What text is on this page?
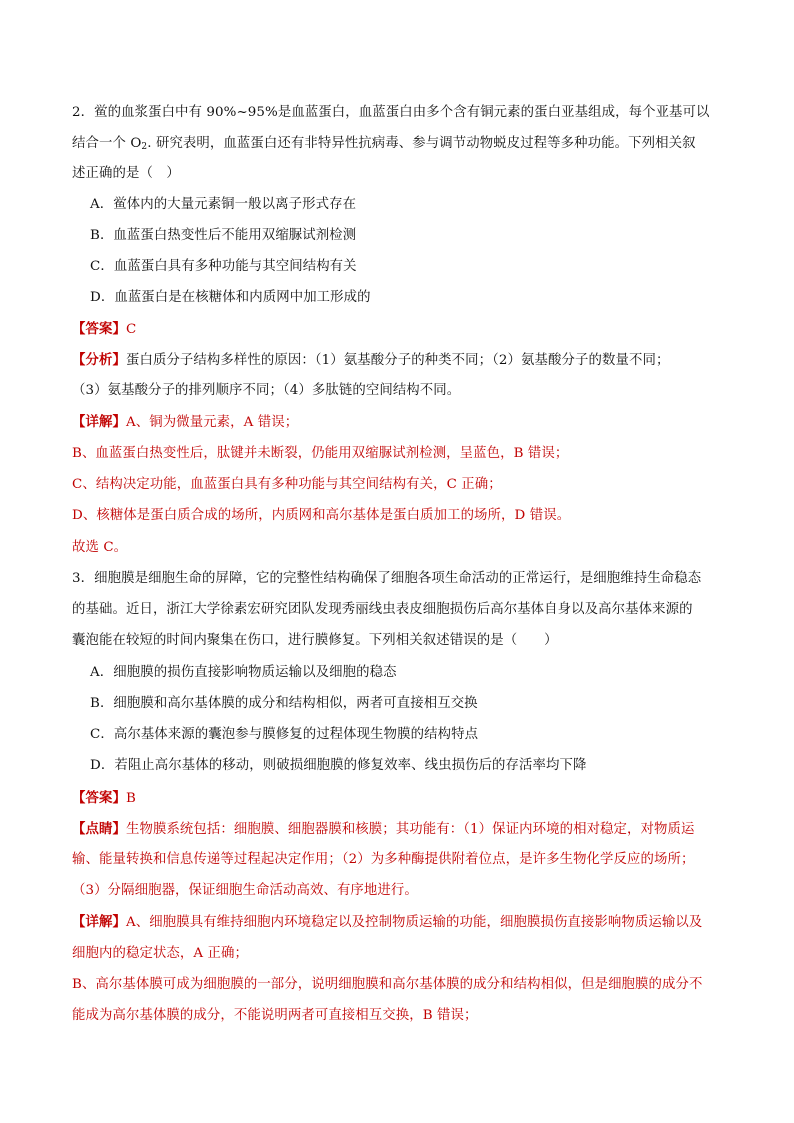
2．鲎的血浆蛋白中有 90%~95%是血蓝蛋白，血蓝蛋白由多个含有铜元素的蛋白亚基组成，每个亚基可以
结合一个 $O_2$. 研究表明，血蓝蛋白还有非特异性抗病毒、参与调节动物蜕皮过程等多种功能。下列相关叙
述正确的是（　）
A．鲎体内的大量元素铜一般以离子形式存在
B．血蓝蛋白热变性后不能用双缩脲试剂检测
C．血蓝蛋白具有多种功能与其空间结构有关
D．血蓝蛋白是在核糖体和内质网中加工形成的
【答案】C
【分析】蛋白质分子结构多样性的原因：（1）氨基酸分子的种类不同；（2）氨基酸分子的数量不同；
（3）氨基酸分子的排列顺序不同；（4）多肽链的空间结构不同。
【详解】A、铜为微量元素，A 错误；
B、血蓝蛋白热变性后，肽键并未断裂，仍能用双缩脲试剂检测，呈蓝色，B 错误；
C、结构决定功能，血蓝蛋白具有多种功能与其空间结构有关，C 正确；
D、核糖体是蛋白质合成的场所，内质网和高尔基体是蛋白质加工的场所，D 错误。
故选 C。
3．细胞膜是细胞生命的屏障，它的完整性结构确保了细胞各项生命活动的正常运行，是细胞维持生命稳态
的基础。近日，浙江大学徐素宏研究团队发现秀丽线虫表皮细胞损伤后高尔基体自身以及高尔基体来源的
囊泡能在较短的时间内聚集在伤口，进行膜修复。下列相关叙述错误的是（　　）
A．细胞膜的损伤直接影响物质运输以及细胞的稳态
B．细胞膜和高尔基体膜的成分和结构相似，两者可直接相互交换
C．高尔基体来源的囊泡参与膜修复的过程体现生物膜的结构特点
D．若阻止高尔基体的移动，则破损细胞膜的修复效率、线虫损伤后的存活率均下降
【答案】B
【点睛】生物膜系统包括：细胞膜、细胞器膜和核膜；其功能有：（1）保证内环境的相对稳定，对物质运
输、能量转换和信息传递等过程起决定作用；（2）为多种酶提供附着位点，是许多生物化学反应的场所；
（3）分隔细胞器，保证细胞生命活动高效、有序地进行。
【详解】A、细胞膜具有维持细胞内环境稳定以及控制物质运输的功能，细胞膜损伤直接影响物质运输以及
细胞内的稳定状态，A 正确；
B、高尔基体膜可成为细胞膜的一部分，说明细胞膜和高尔基体膜的成分和结构相似，但是细胞膜的成分不
能成为高尔基体膜的成分，不能说明两者可直接相互交换，B 错误；
